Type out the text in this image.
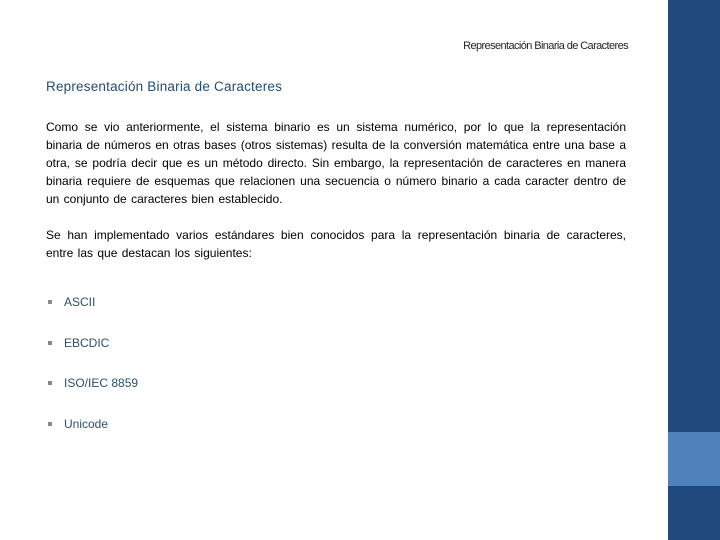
Representación Binaria de Caracteres
Representación Binaria de Caracteres
Como se vio anteriormente, el sistema binario es un sistema numérico, por lo que la representación binaria de números en otras bases (otros sistemas) resulta de la conversión matemática entre una base a otra, se podría decir que es un método directo. Sin embargo, la representación de caracteres en manera binaria requiere de esquemas que relacionen una secuencia o número binario a cada caracter dentro de un conjunto de caracteres bien establecido.
Se han implementado varios estándares bien conocidos para la representación binaria de caracteres, entre las que destacan los siguientes:
ASCII
EBCDIC
ISO/IEC 8859
Unicode
